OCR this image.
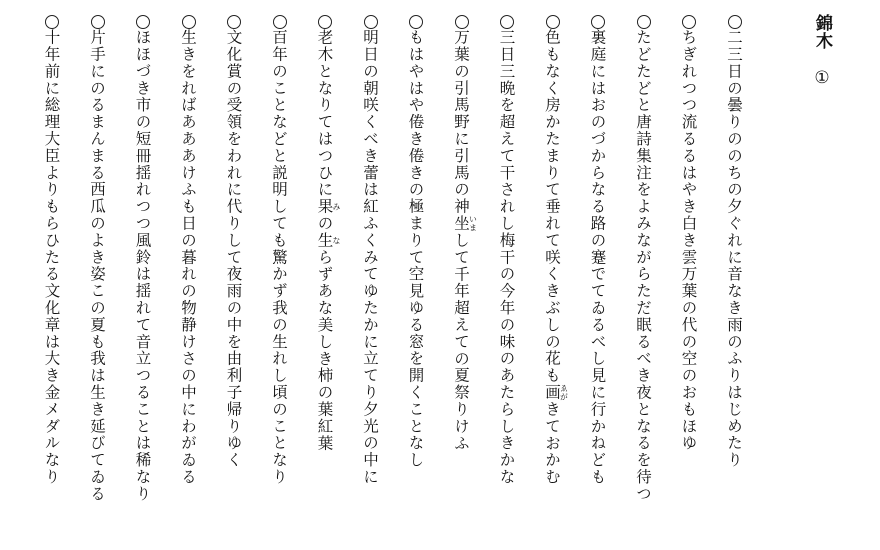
錦木
①
二三日の曇りののちの夕ぐれに音なき雨のふりはじめたり
ちぎれつつ流るるはやき白き雲万葉の代の空のおもほゆ
たどたどと唐詩集注をよみながらただ眠るべき夜となるを待つ
裏庭にはおのづからなる路の蹇でてゐるべし見に行かねども
色もなく房かたまりて垂れて咲くきぶしの花も画ゑがきておかむ
三日三晩を超えて干されし梅干の今年の味のあたらしきかな
万葉の引馬野に引馬の神坐いまして千年超えての夏祭りけふ
もはやはや倦き倦きの極まりて空見ゆる窓を開くことなし
明日の朝咲くべき蕾は紅ふくみてゆたかに立てり夕光の中に
老木となりてはつひに果みの生ならずあな美しき柿の葉紅葉
百年のことなどと説明しても驚かず我の生れし頃のことなり
文化賞の受領をわれに代りして夜雨の中を由利子帰りゆく
生きをればあああけふも日の暮れの物静けさの中にわがゐる
ほほづき市の短冊揺れつつ風鈴は揺れて音立つることは稀なり
片手にのるまんまる西瓜のよき姿この夏も我は生き延びてゐる
十年前に総理大臣よりもらひたる文化章は大き金メダルなり
